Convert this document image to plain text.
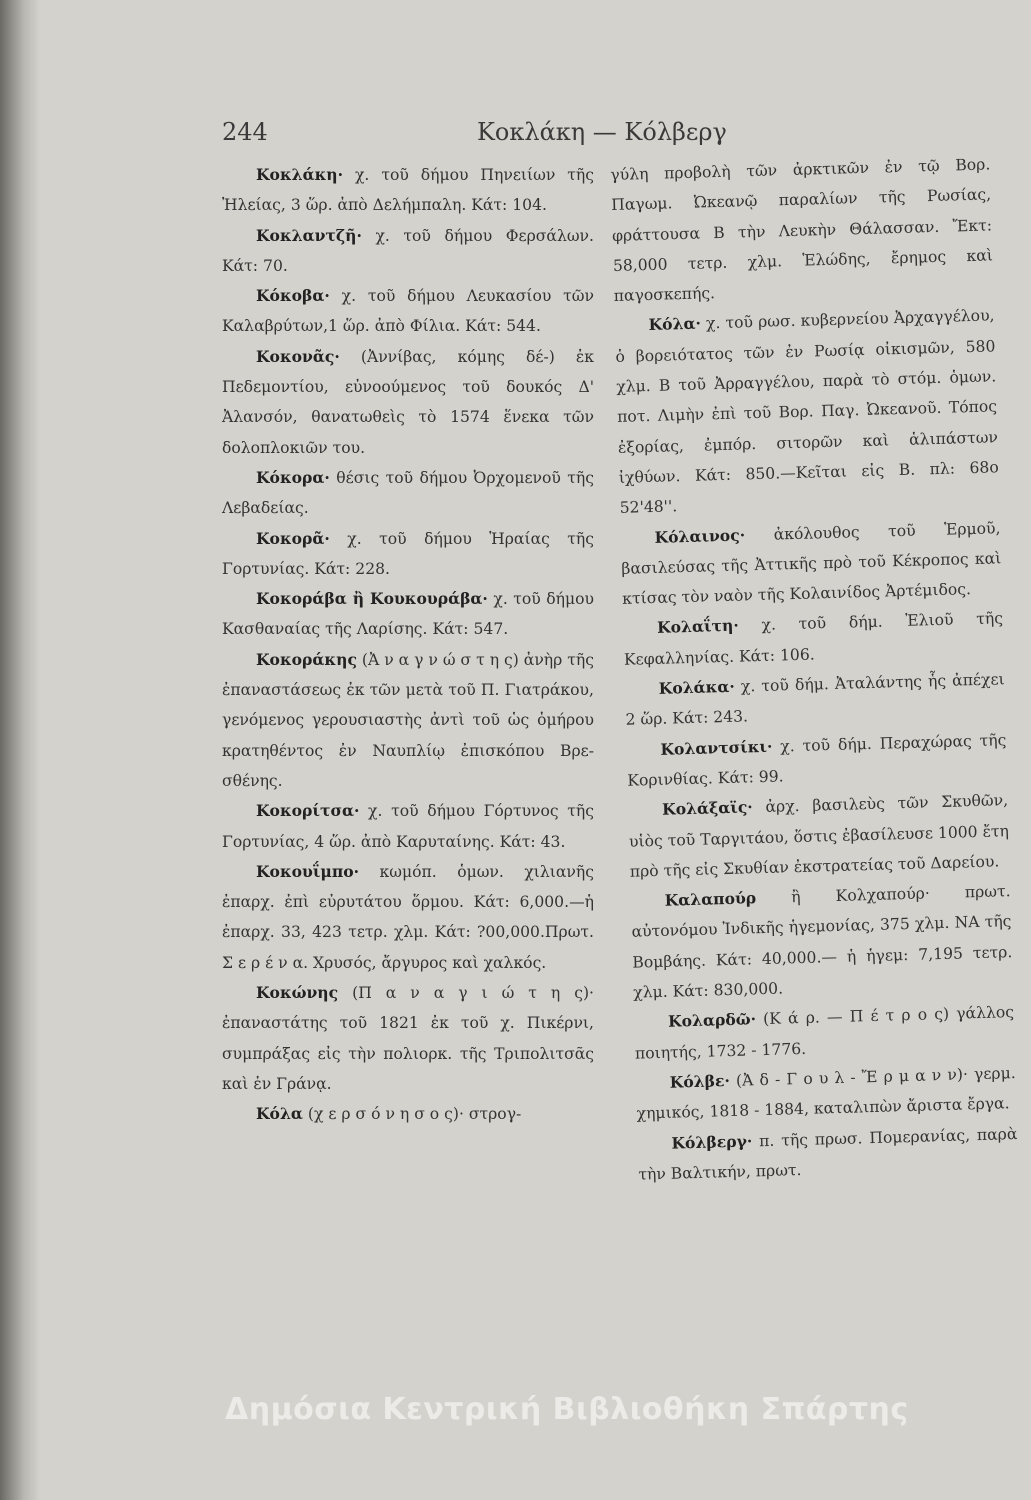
244	Κοκλάκη — Κόλβεργ

Κοκλάκη· χ. τοῦ δήμου Πηνειίων τῆς Ἠλείας, 3 ὥρ. ἀπὸ Δελήμπαλη. Κάτ: 104.

Κοκλαντζῆ· χ. τοῦ δήμου Φερσάλων. Κάτ: 70.

Κόκοβα· χ. τοῦ δήμου Λευκασίου τῶν Καλαβρύτων,1 ὥρ. ἀπὸ Φίλια. Κάτ: 544.

Κοκονᾶς· (Ἀννίβας, κόμης δέ-) ἐκ Πεδεμοντίου, εὐνοούμενος τοῦ δουκός Δ' Ἀλανσόν, θανατωθεὶς τὸ 1574 ἕνεκα τῶν δολοπλοκιῶν του.

Κόκορα· θέσις τοῦ δήμου Ὀρχομενοῦ τῆς Λεβαδείας.

Κοκορᾶ· χ. τοῦ δήμου Ἡραίας τῆς Γορτυνίας. Κάτ: 228.

Κοκοράβα ἢ Κουκουράβα· χ. τοῦ δήμου Κασθαναίας τῆς Λαρίσης. Κάτ: 547.

Κοκοράκης (Ἀ ν α γ ν ώ σ τ η ς) ἀνὴρ τῆς ἐπαναστάσεως ἐκ τῶν μετὰ τοῦ Π. Γιατράκου, γενόμενος γερουσιαστὴς ἀντὶ τοῦ ὡς ὁμήρου κρατηθέντος ἐν Ναυπλίῳ ἐπισκόπου Βρεσθένης.

Κοκορίτσα· χ. τοῦ δήμου Γόρτυνος τῆς Γορτυνίας, 4 ὥρ. ἀπὸ Καρυταίνης. Κάτ: 43.

Κοκουΐμπο· κωμόπ. ὁμων. χιλιανῆς ἐπαρχ. ἐπὶ εὐρυτάτου ὅρμου. Κάτ: 6,000.—ἡ ἐπαρχ. 33, 423 τετρ. χλμ. Κάτ: ?00,000.Πρωτ. Σ ε ρ έ ν α. Χρυσός, ἄργυρος καὶ χαλκός.

Κοκώνης (Π α ν α γ ι ώ τ η ς)· ἐπαναστάτης τοῦ 1821 ἐκ τοῦ χ. Πικέρνι, συμπράξας εἰς τὴν πολιορκ. τῆς Τριπολιτσᾶς καὶ ἐν Γράνᾳ.

Κόλα (χ ε ρ σ ό ν η σ ο ς)· στρογ-

γύλη προβολὴ τῶν ἀρκτικῶν ἐν τῷ Βορ. Παγωμ. Ὠκεανῷ παραλίων τῆς Ρωσίας, φράττουσα Β τὴν Λευκὴν Θάλασσαν. Ἔκτ: 58,000 τετρ. χλμ. Ἑλώδης, ἔρημος καὶ παγοσκεπής.

Κόλα· χ. τοῦ ρωσ. κυβερνείου Ἀρχαγγέλου, ὁ βορειότατος τῶν ἐν Ρωσίᾳ οἰκισμῶν, 580 χλμ. Β τοῦ Ἀρραγγέλου, παρὰ τὸ στόμ. ὁμων. ποτ. Λιμὴν ἐπὶ τοῦ Βορ. Παγ. Ὠκεανοῦ. Τόπος ἐξορίας, ἐμπόρ. σιτορῶν καὶ ἁλιπάστων ἰχθύων. Κάτ: 850.—Κεῖται εἰς Β. πλ: 68ο 52'48''.

Κόλαινος· ἀκόλουθος τοῦ Ἑρμοῦ, βασιλεύσας τῆς Ἀττικῆς πρὸ τοῦ Κέκροπος καὶ κτίσας τὸν ναὸν τῆς Κολαινίδος Ἀρτέμιδος.

Κολαΐτη· χ. τοῦ δήμ. Ἐλιοῦ τῆς Κεφαλληνίας. Κάτ: 106.

Κολάκα· χ. τοῦ δήμ. Ἀταλάντης ἧς ἀπέχει 2 ὥρ. Κάτ: 243.

Κολαντσίκι· χ. τοῦ δήμ. Περαχώρας τῆς Κορινθίας. Κάτ: 99.

Κολάξαϊς· ἀρχ. βασιλεὺς τῶν Σκυθῶν, υἱὸς τοῦ Ταργιτάου, ὅστις ἐβασίλευσε 1000 ἔτη πρὸ τῆς εἰς Σκυθίαν ἐκστρατείας τοῦ Δαρείου.

Καλαπούρ ἢ Κολχαπούρ· πρωτ. αὐτονόμου Ἰνδικῆς ἡγεμονίας, 375 χλμ. ΝΑ τῆς Βομβάης. Κάτ: 40,000.— ἡ ἡγεμ: 7,195 τετρ. χλμ. Κάτ: 830,000.

Κολαρδῶ· (Κ ά ρ. — Π έ τ ρ ο ς) γάλλος ποιητής, 1732 - 1776.

Κόλβε· (Ἀ δ - Γ ο υ λ - Ἔ ρ μ α ν ν)· γερμ. χημικός, 1818 - 1884, καταλιπὼν ἄριστα ἔργα.

Κόλβεργ· π. τῆς πρωσ. Πομερανίας, παρὰ τὴν Βαλτικήν, πρωτ.

Δημόσια Κεντρική Βιβλιοθήκη Σπάρτης
